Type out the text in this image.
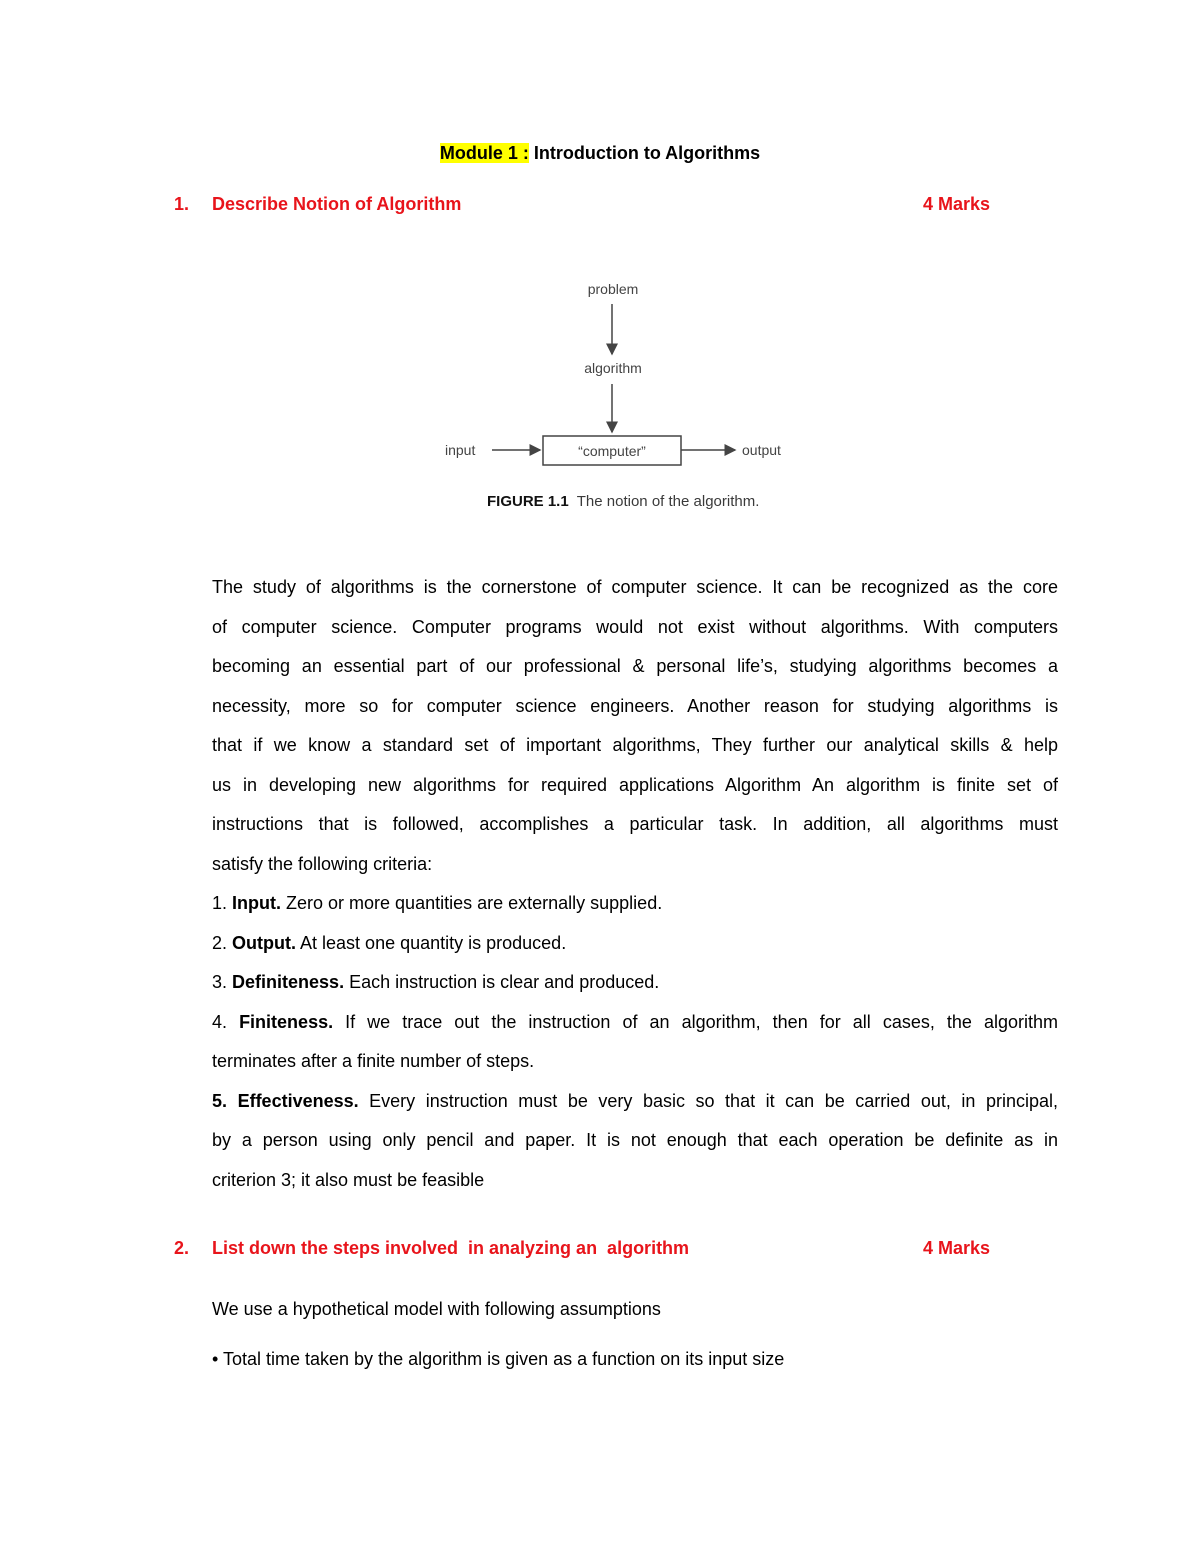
Module 1 : Introduction to Algorithms
1. Describe Notion of Algorithm	4 Marks
problem
algorithm
“computer”
input	output
FIGURE 1.1 The notion of the algorithm.
The study of algorithms is the cornerstone of computer science. It can be recognized as the core
of computer science. Computer programs would not exist without algorithms. With computers
becoming an essential part of our professional & personal life’s, studying algorithms becomes a
necessity, more so for computer science engineers. Another reason for studying algorithms is
that if we know a standard set of important algorithms, They further our analytical skills & help
us in developing new algorithms for required applications Algorithm An algorithm is finite set of
instructions that is followed, accomplishes a particular task. In addition, all algorithms must
satisfy the following criteria:
1. Input. Zero or more quantities are externally supplied.
2. Output. At least one quantity is produced.
3. Definiteness. Each instruction is clear and produced.
4. Finiteness. If we trace out the instruction of an algorithm, then for all cases, the algorithm
terminates after a finite number of steps.
5. Effectiveness. Every instruction must be very basic so that it can be carried out, in principal,
by a person using only pencil and paper. It is not enough that each operation be definite as in
criterion 3; it also must be feasible
2. List down the steps involved  in analyzing an  algorithm	4 Marks
We use a hypothetical model with following assumptions
• Total time taken by the algorithm is given as a function on its input size
